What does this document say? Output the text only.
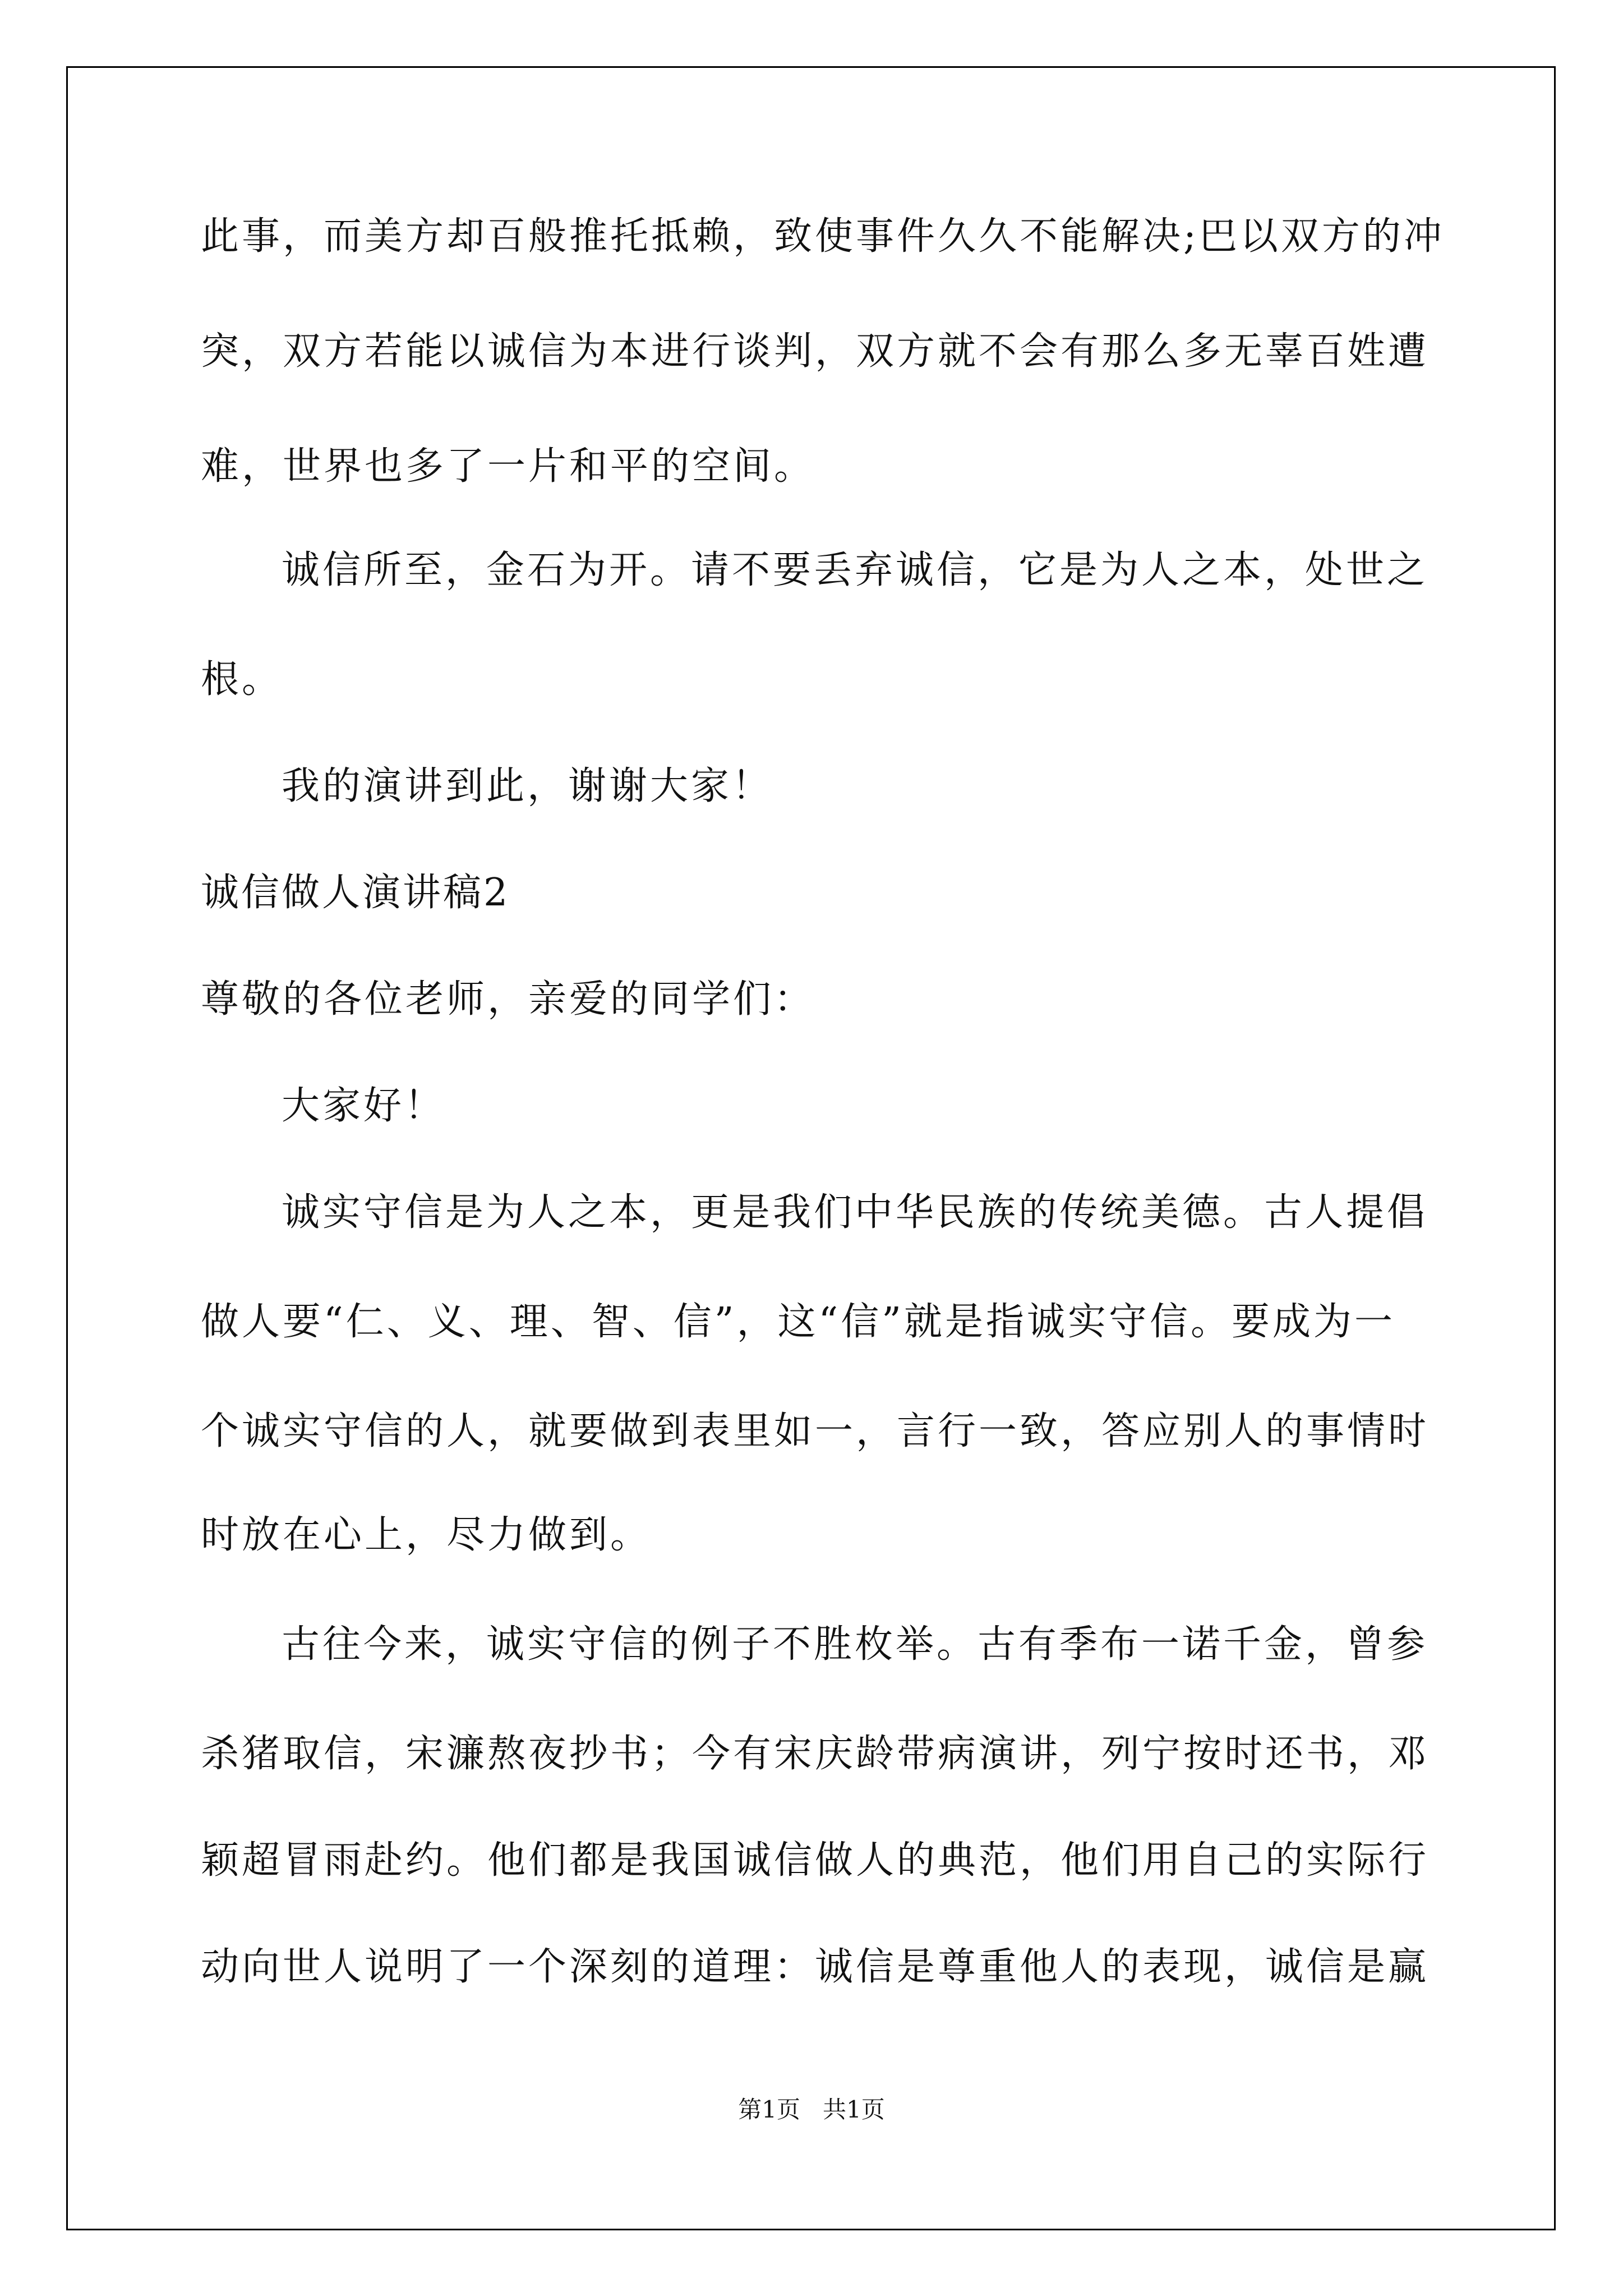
此事，而美方却百般推托抵赖，致使事件久久不能解决;巴以双方的冲
突，双方若能以诚信为本进行谈判，双方就不会有那么多无辜百姓遭
难，世界也多了一片和平的空间。
诚信所至，金石为开。请不要丢弃诚信，它是为人之本，处世之
根。
我的演讲到此，谢谢大家！
诚信做人演讲稿2
尊敬的各位老师，亲爱的同学们：
大家好！
诚实守信是为人之本，更是我们中华民族的传统美德。古人提倡
做人要“仁、义、理、智、信”，这“信”就是指诚实守信。要成为一
个诚实守信的人，就要做到表里如一，言行一致，答应别人的事情时
时放在心上，尽力做到。
古往今来，诚实守信的例子不胜枚举。古有季布一诺千金，曾参
杀猪取信，宋濂熬夜抄书；今有宋庆龄带病演讲，列宁按时还书，邓
颖超冒雨赴约。他们都是我国诚信做人的典范，他们用自己的实际行
动向世人说明了一个深刻的道理：诚信是尊重他人的表现，诚信是赢
第1页   共1页
